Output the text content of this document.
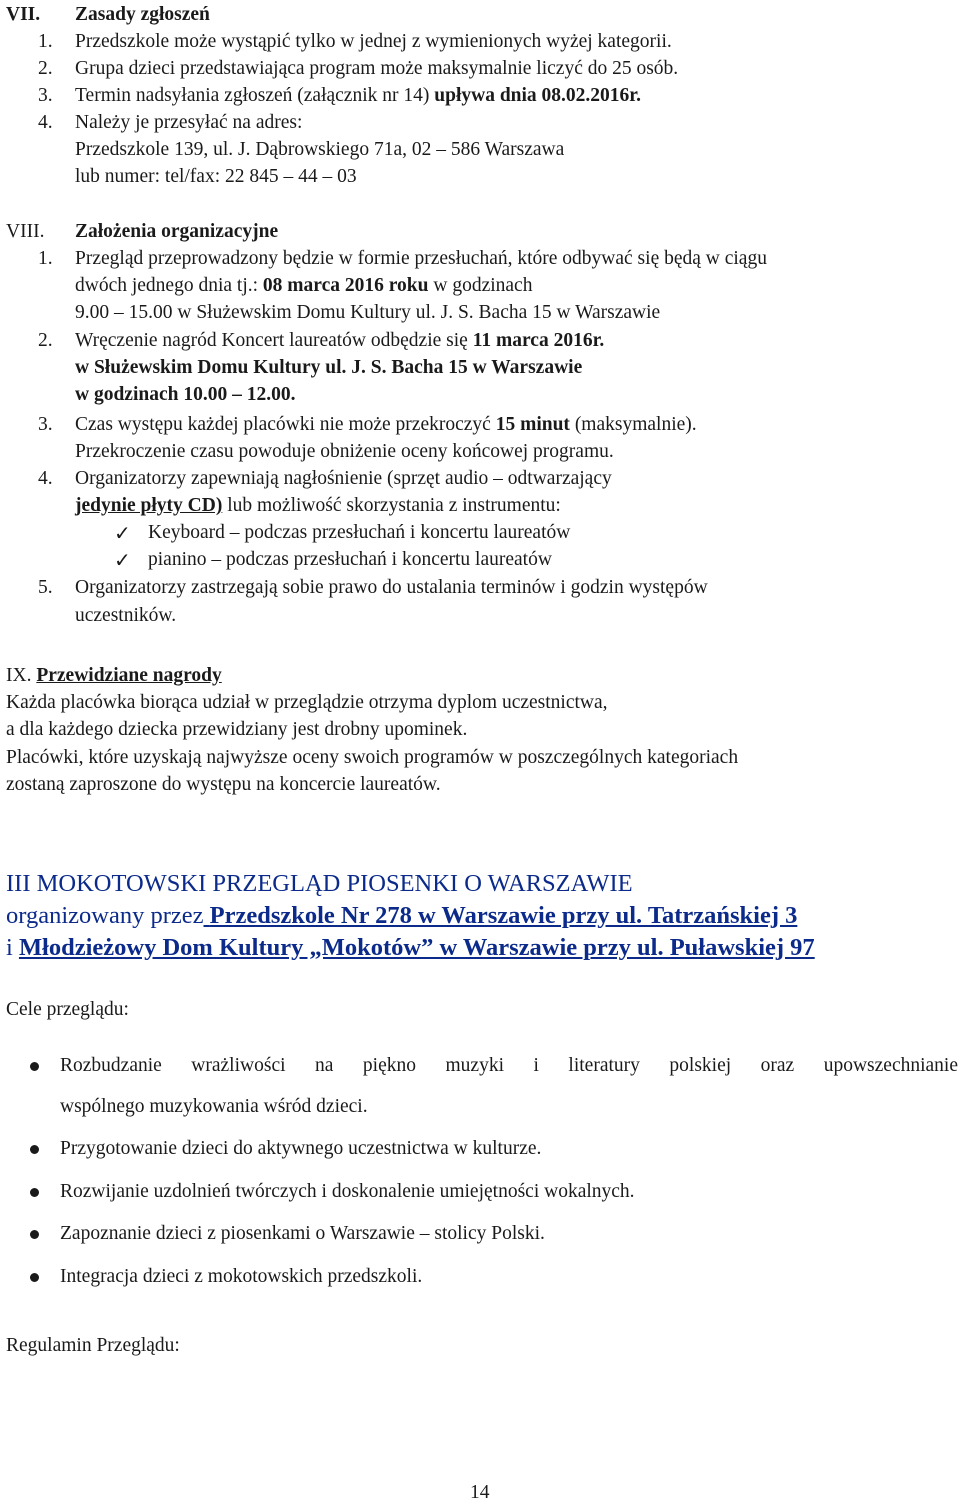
VII. Zasady zgłoszeń
1. Przedszkole może wystąpić tylko w jednej z wymienionych wyżej kategorii.
2. Grupa dzieci przedstawiająca program może maksymalnie liczyć do 25 osób.
3. Termin nadsyłania zgłoszeń (załącznik nr 14) upływa dnia 08.02.2016r.
4. Należy je przesyłać na adres:
Przedszkole 139, ul. J. Dąbrowskiego 71a, 02 – 586 Warszawa
lub numer: tel/fax: 22 845 – 44 – 03
VIII. Założenia organizacyjne
1. Przegląd przeprowadzony będzie w formie przesłuchań, które odbywać się będą w ciągu
dwóch jednego dnia tj.: 08 marca 2016 roku w godzinach
9.00 – 15.00 w Służewskim Domu Kultury ul. J. S. Bacha 15 w Warszawie
2. Wręczenie nagród Koncert laureatów odbędzie się 11 marca 2016r.
w Służewskim Domu Kultury ul. J. S. Bacha 15 w Warszawie
w godzinach 10.00 – 12.00.
3. Czas występu każdej placówki nie może przekroczyć 15 minut (maksymalnie).
Przekroczenie czasu powoduje obniżenie oceny końcowej programu.
4. Organizatorzy zapewniają nagłośnienie (sprzęt audio – odtwarzający
jedynie płyty CD) lub możliwość skorzystania z instrumentu:
✓ Keyboard – podczas przesłuchań i koncertu laureatów
✓ pianino – podczas przesłuchań i koncertu laureatów
5. Organizatorzy zastrzegają sobie prawo do ustalania terminów i godzin występów
uczestników.
IX. Przewidziane nagrody
Każda placówka biorąca udział w przeglądzie otrzyma dyplom uczestnictwa,
a dla każdego dziecka przewidziany jest drobny upominek.
Placówki, które uzyskają najwyższe oceny swoich programów w poszczególnych kategoriach
zostaną zaproszone do występu na koncercie laureatów.
III MOKOTOWSKI PRZEGLĄD PIOSENKI O WARSZAWIE
organizowany przez Przedszkole Nr 278 w Warszawie przy ul. Tatrzańskiej 3
i Młodzieżowy Dom Kultury „Mokotów” w Warszawie przy ul. Puławskiej 97
Cele przeglądu:
Rozbudzanie wrażliwości na piękno muzyki i literatury polskiej oraz upowszechnianie
wspólnego muzykowania wśród dzieci.
Przygotowanie dzieci do aktywnego uczestnictwa w kulturze.
Rozwijanie uzdolnień twórczych i doskonalenie umiejętności wokalnych.
Zapoznanie dzieci z piosenkami o Warszawie – stolicy Polski.
Integracja dzieci z mokotowskich przedszkoli.
Regulamin Przeglądu:
14
